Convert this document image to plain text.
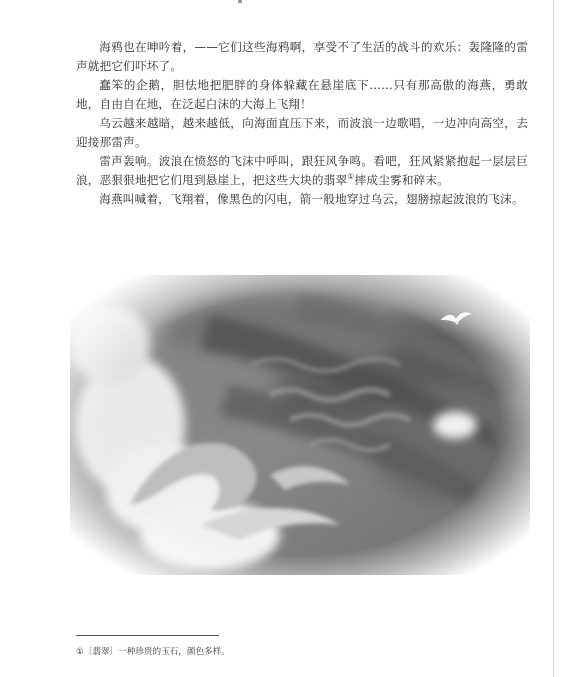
海鸦也在呻吟着，——它们这些海鸦啊，享受不了生活的战斗的欢乐：轰隆隆的雷声就把它们吓坏了。

蠢笨的企鹅，胆怯地把肥胖的身体躲藏在悬崖底下……只有那高傲的海燕，勇敢地，自由自在地，在泛起白沫的大海上飞翔！

乌云越来越暗，越来越低，向海面直压下来，而波浪一边歌唱，一边冲向高空，去迎接那雷声。

雷声轰响。波浪在愤怒的飞沫中呼叫，跟狂风争鸣。看吧，狂风紧紧抱起一层层巨浪，恶狠狠地把它们甩到悬崖上，把这些大块的翡翠①摔成尘雾和碎末。

海燕叫喊着，飞翔着，像黑色的闪电，箭一般地穿过乌云，翅膀掠起波浪的飞沫。

①〔翡翠〕一种珍贵的玉石，颜色多样。
